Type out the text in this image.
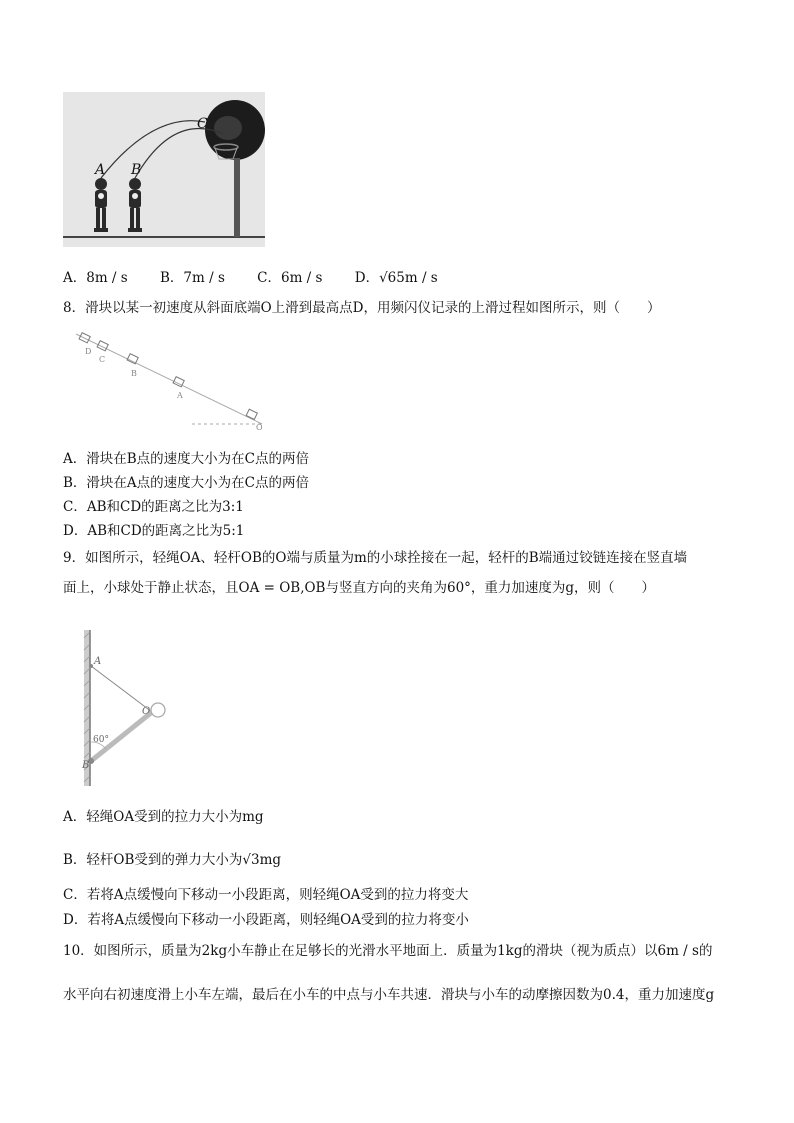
A B
C
A．8m / s B．7m / s C．6m / s D．√65m / s
8．滑块以某一初速度从斜面底端O上滑到最高点D，用频闪仪记录的上滑过程如图所示，则（　　）
D
C
B
A
O
A．滑块在B点的速度大小为在C点的两倍
B．滑块在A点的速度大小为在C点的两倍
C．AB和CD的距离之比为3:1
D．AB和CD的距离之比为5:1
9．如图所示，轻绳OA、轻杆OB的O端与质量为m的小球拴接在一起，轻杆的B端通过铰链连接在竖直墙
面上，小球处于静止状态，且OA = OB,OB与竖直方向的夹角为60°，重力加速度为g，则（　　）
A
O
B
60°
A．轻绳OA受到的拉力大小为mg
B．轻杆OB受到的弹力大小为√3mg
C．若将A点缓慢向下移动一小段距离，则轻绳OA受到的拉力将变大
D．若将A点缓慢向下移动一小段距离，则轻绳OA受到的拉力将变小
10．如图所示，质量为2kg小车静止在足够长的光滑水平地面上．质量为1kg的滑块（视为质点）以6m / s的
水平向右初速度滑上小车左端，最后在小车的中点与小车共速．滑块与小车的动摩擦因数为0.4，重力加速度g
